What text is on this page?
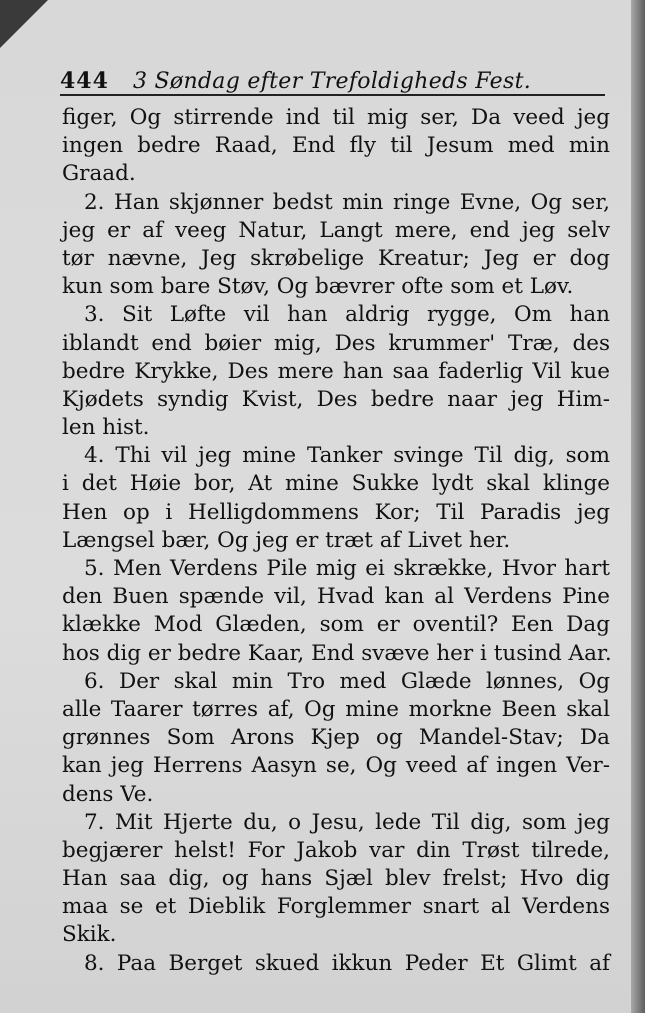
444 3 Søndag efter Trefoldigheds Fest.
figer, Og stirrende ind til mig ser, Da veed jeg
ingen bedre Raad, End fly til Jesum med min
Graad.
2. Han skjønner bedst min ringe Evne, Og ser,
jeg er af veeg Natur, Langt mere, end jeg selv
tør nævne, Jeg skrøbelige Kreatur; Jeg er dog
kun som bare Støv, Og bævrer ofte som et Løv.
3. Sit Løfte vil han aldrig rygge, Om han
iblandt end bøier mig, Des krummer' Træ, des
bedre Krykke, Des mere han saa faderlig Vil kue
Kjødets syndig Kvist, Des bedre naar jeg Him-
len hist.
4. Thi vil jeg mine Tanker svinge Til dig, som
i det Høie bor, At mine Sukke lydt skal klinge
Hen op i Helligdommens Kor; Til Paradis jeg
Længsel bær, Og jeg er træt af Livet her.
5. Men Verdens Pile mig ei skrække, Hvor hart
den Buen spænde vil, Hvad kan al Verdens Pine
klække Mod Glæden, som er oventil? Een Dag
hos dig er bedre Kaar, End svæve her i tusind Aar.
6. Der skal min Tro med Glæde lønnes, Og
alle Taarer tørres af, Og mine morkne Been skal
grønnes Som Arons Kjep og Mandel-Stav; Da
kan jeg Herrens Aasyn se, Og veed af ingen Ver-
dens Ve.
7. Mit Hjerte du, o Jesu, lede Til dig, som jeg
begjærer helst! For Jakob var din Trøst tilrede,
Han saa dig, og hans Sjæl blev frelst; Hvo dig
maa se et Dieblik Forglemmer snart al Verdens
Skik.
8. Paa Berget skued ikkun Peder Et Glimt af
